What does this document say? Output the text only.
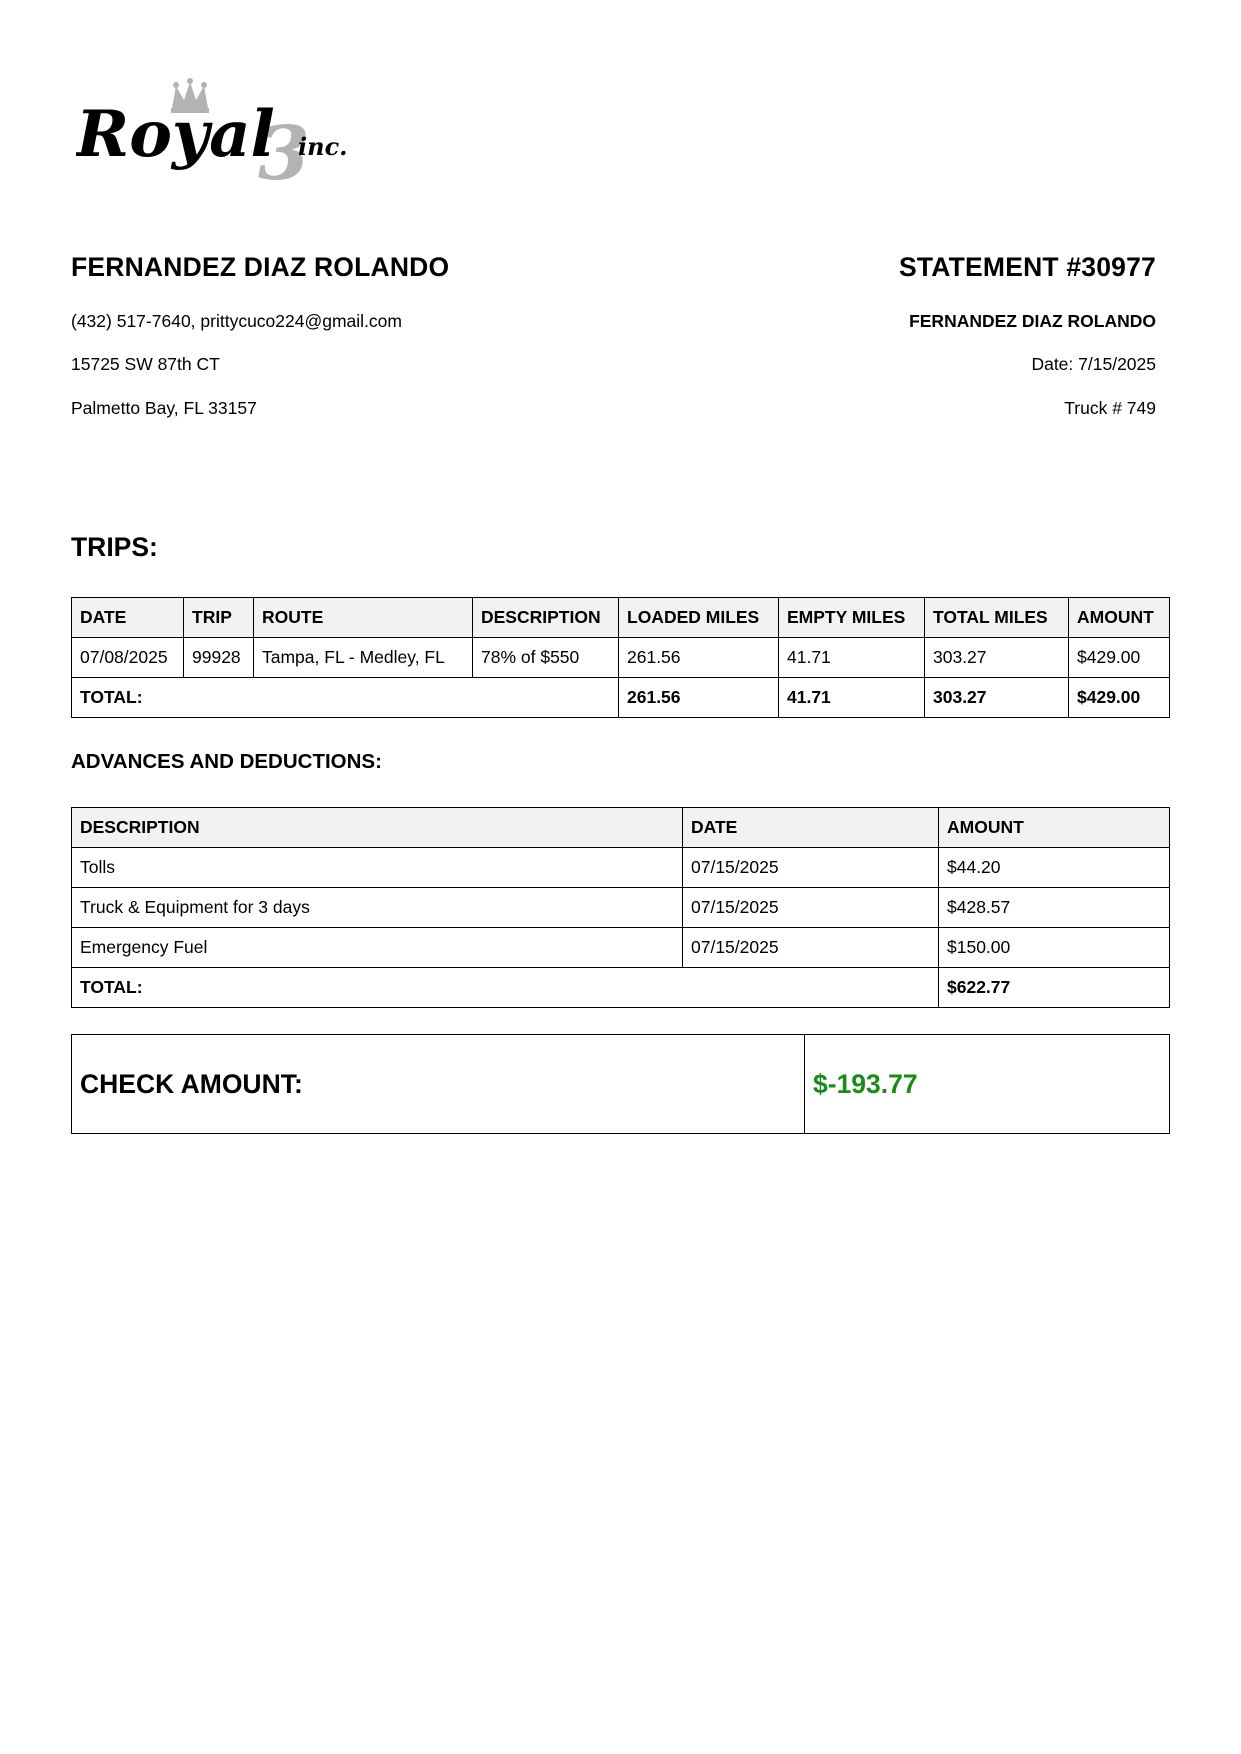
3
Royal inc.
FERNANDEZ DIAZ ROLANDO
(432) 517-7640, prittycuco224@gmail.com
15725 SW 87th CT
Palmetto Bay, FL 33157
STATEMENT #30977
FERNANDEZ DIAZ ROLANDO
Date: 7/15/2025
Truck # 749
TRIPS:
DATE	TRIP	ROUTE	DESCRIPTION	LOADED MILES	EMPTY MILES	TOTAL MILES	AMOUNT
07/08/2025	99928	Tampa, FL - Medley, FL	78% of $550	261.56	41.71	303.27	$429.00
TOTAL:				261.56	41.71	303.27	$429.00
ADVANCES AND DEDUCTIONS:
DESCRIPTION	DATE	AMOUNT
Tolls	07/15/2025	$44.20
Truck & Equipment for 3 days	07/15/2025	$428.57
Emergency Fuel	07/15/2025	$150.00
TOTAL:		$622.77
CHECK AMOUNT:	$-193.77
